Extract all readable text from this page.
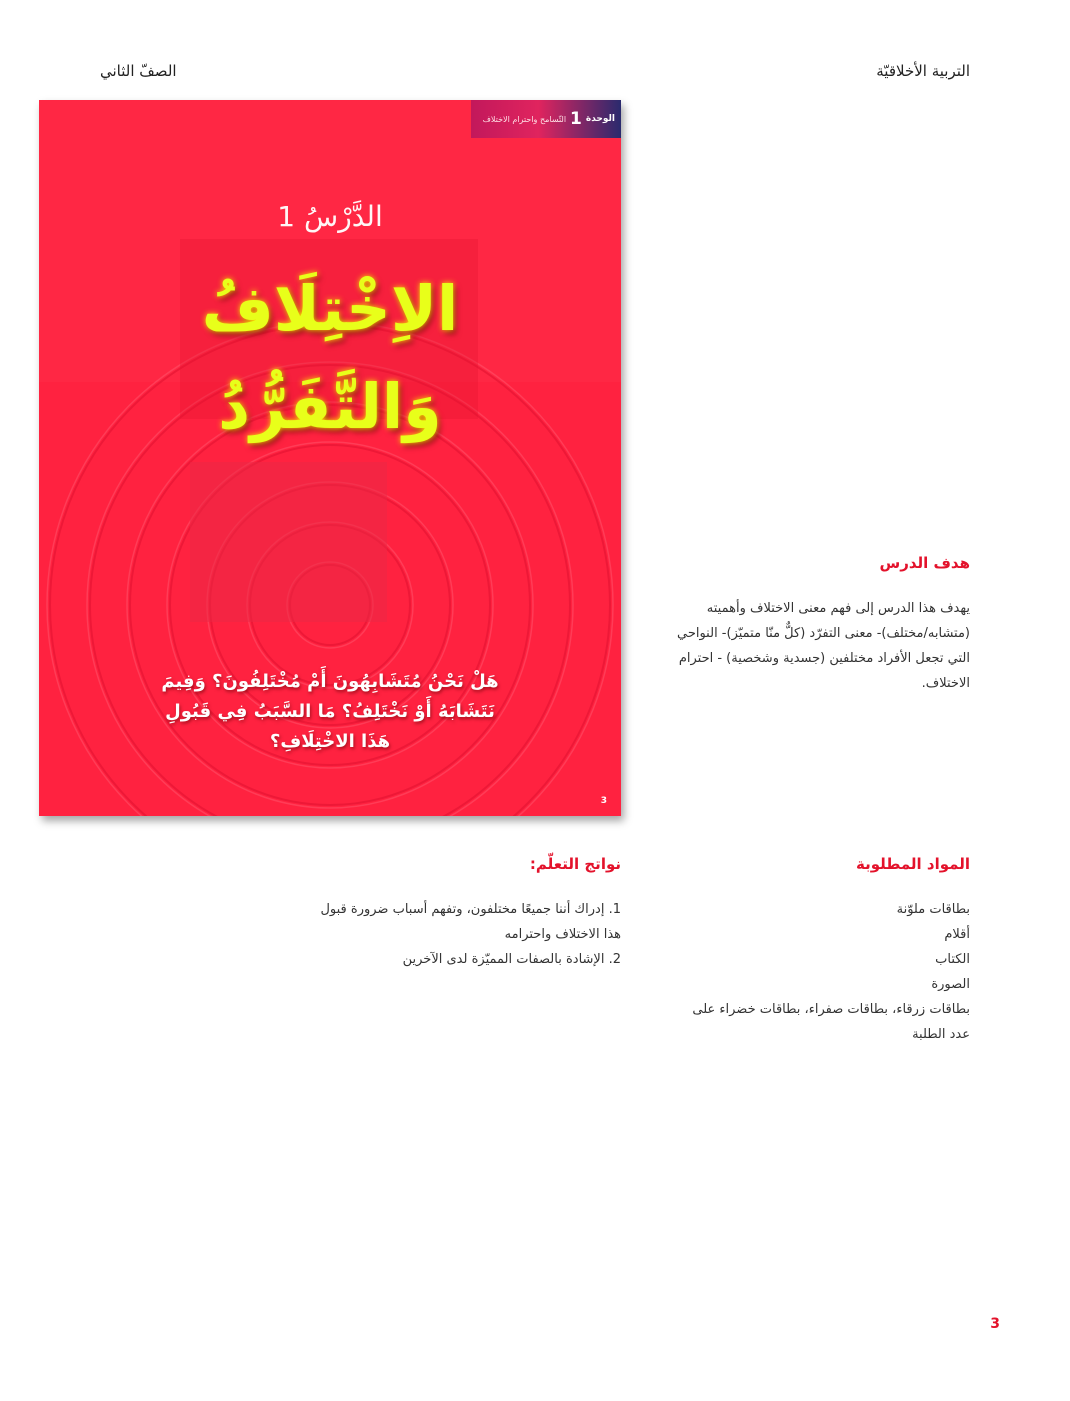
التربية الأخلاقيّة
الصفّ الثاني
الوحدة
1
التّسامح واحترام الاختلاف
الدَّرْسُ 1
الاِخْتِلَافُ
وَالتَّفَرُّدُ
هَلْ نَحْنُ مُتَشَابِهُونَ أَمْ مُخْتَلِفُونَ؟ وَفِيمَ نَتَشَابَهُ أَوْ نَخْتَلِفُ؟ مَا السَّبَبُ فِي قَبُولِ هَذَا الاخْتِلَافِ؟
3
هدف الدرس
يهدف هذا الدرس إلى فهم معنى الاختلاف وأهميته (متشابه/مختلف)- معنى التفرّد (كلٌّ منّا متميّز)- النواحي التي تجعل الأفراد مختلفين (جسدية وشخصية) - احترام الاختلاف.
المواد المطلوبة
بطاقات ملوّنة
أقلام
الكتاب
الصورة
بطاقات زرقاء، بطاقات صفراء، بطاقات خضراء على عدد الطلبة
نواتج التعلّم:
1. إدراك أننا جميعًا مختلفون، وتفهم أسباب ضرورة قبول هذا الاختلاف واحترامه
2. الإشادة بالصفات المميّزة لدى الآخرين
3
